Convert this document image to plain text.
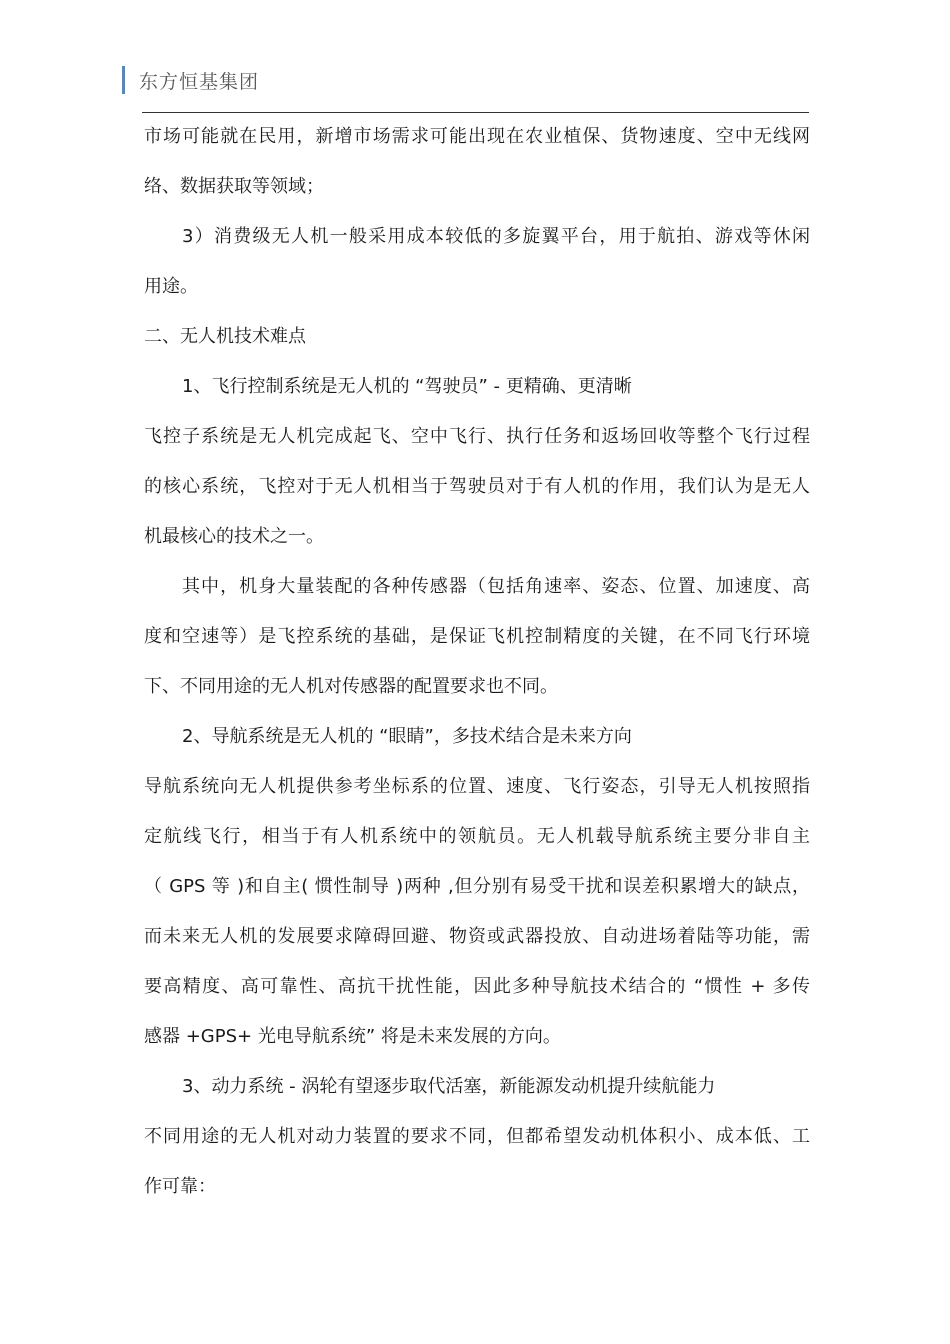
东方恒基集团
市场可能就在民用，新增市场需求可能出现在农业植保、货物速度、空中无线网
络、数据获取等领域；
3）消费级无人机一般采用成本较低的多旋翼平台，用于航拍、游戏等休闲
用途。
二、无人机技术难点
1、飞行控制系统是无人机的 “驾驶员” - 更精确、更清晰
飞控子系统是无人机完成起飞、空中飞行、执行任务和返场回收等整个飞行过程
的核心系统，飞控对于无人机相当于驾驶员对于有人机的作用，我们认为是无人
机最核心的技术之一。
其中，机身大量装配的各种传感器（包括角速率、姿态、位置、加速度、高
度和空速等）是飞控系统的基础，是保证飞机控制精度的关键，在不同飞行环境
下、不同用途的无人机对传感器的配置要求也不同。
2、导航系统是无人机的 “眼睛”，多技术结合是未来方向
导航系统向无人机提供参考坐标系的位置、速度、飞行姿态，引导无人机按照指
定航线飞行，相当于有人机系统中的领航员。无人机载导航系统主要分非自主
（ GPS 等 )和自主( 惯性制导 )两种 ,但分别有易受干扰和误差积累增大的缺点，
而未来无人机的发展要求障碍回避、物资或武器投放、自动进场着陆等功能，需
要高精度、高可靠性、高抗干扰性能，因此多种导航技术结合的 “惯性 + 多传
感器 +GPS+ 光电导航系统” 将是未来发展的方向。
3、动力系统 - 涡轮有望逐步取代活塞，新能源发动机提升续航能力
不同用途的无人机对动力装置的要求不同，但都希望发动机体积小、成本低、工
作可靠：
